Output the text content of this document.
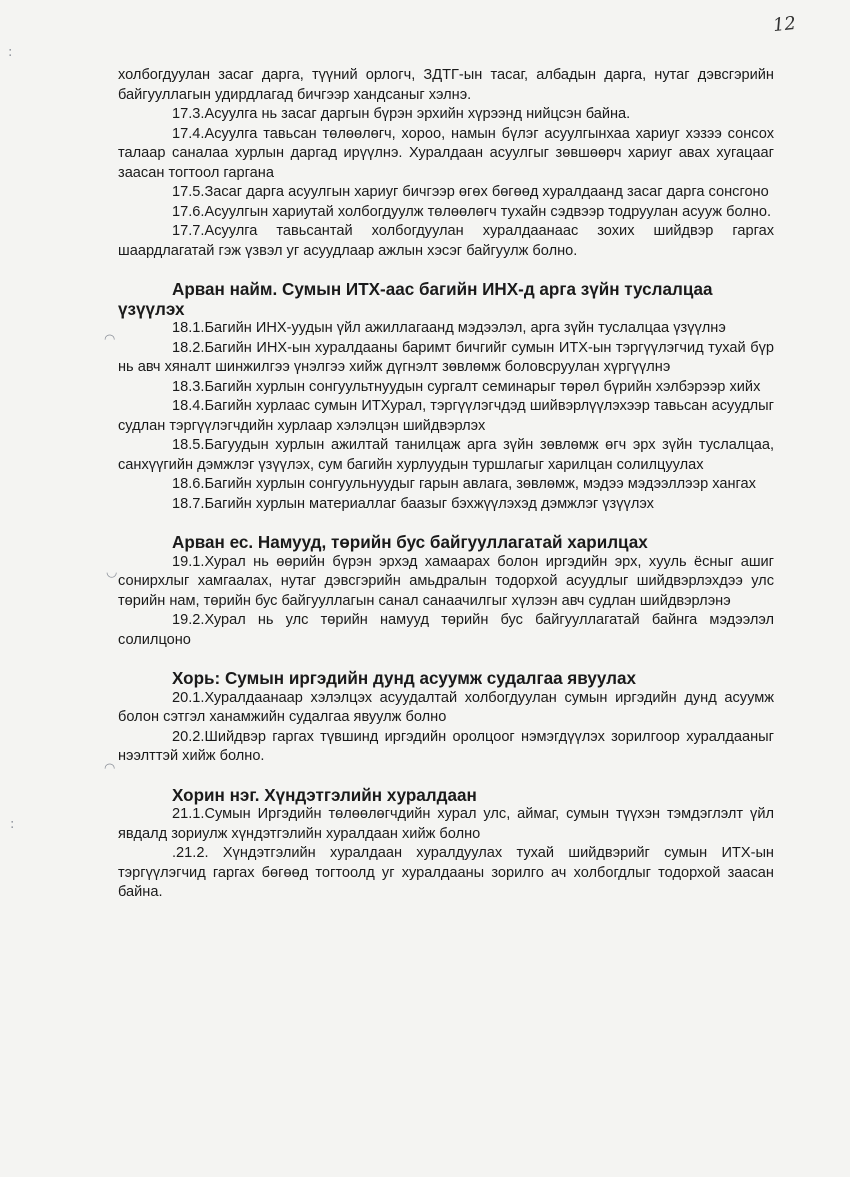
12

холбогдуулан засаг дарга, түүний орлогч, ЗДТГ-ын тасаг, албадын дарга, нутаг дэвсгэрийн байгууллагын удирдлагад бичгээр хандсаныг хэлнэ.

17.3.Асуулга нь засаг даргын бүрэн эрхийн хүрээнд нийцсэн байна.

17.4.Асуулга тавьсан төлөөлөгч, хороо, намын бүлэг асуулгынхаа хариуг хэзээ сонсох талаар саналаа хурлын даргад ирүүлнэ. Хуралдаан асуулгыг зөвшөөрч хариуг авах хугацааг заасан тогтоол гаргана

17.5.Засаг дарга асуулгын хариуг бичгээр өгөх бөгөөд хуралдаанд засаг дарга сонсгоно

17.6.Асуулгын хариутай холбогдуулж төлөөлөгч тухайн сэдвээр тодруулан асууж болно.

17.7.Асуулга тавьсантай холбогдуулан хуралдаанаас зохих шийдвэр гаргах шаардлагатай гэж үзвэл уг асуудлаар ажлын хэсэг байгуулж болно.

Арван найм. Сумын ИТХ-аас багийн ИНХ-д арга зүйн туслалцаа үзүүлэх

18.1.Багийн ИНХ-уудын үйл ажиллагаанд мэдээлэл, арга зүйн туслалцаа үзүүлнэ

18.2.Багийн ИНХ-ын хуралдааны баримт бичгийг сумын ИТХ-ын тэргүүлэгчид тухай бүр нь авч хяналт шинжилгээ үнэлгээ хийж дүгнэлт зөвлөмж боловсруулан хүргүүлнэ

18.3.Багийн хурлын сонгуультнуудын сургалт семинарыг төрөл бүрийн хэлбэрээр хийх

18.4.Багийн хурлаас сумын ИТХурал, тэргүүлэгчдэд шийвэрлүүлэхээр тавьсан асуудлыг судлан тэргүүлэгчдийн хурлаар хэлэлцэн шийдвэрлэх

18.5.Багуудын хурлын ажилтай танилцаж арга зүйн зөвлөмж өгч эрх зүйн туслалцаа, санхүүгийн дэмжлэг үзүүлэх, сум багийн хурлуудын туршлагыг харилцан солилцуулах

18.6.Багийн хурлын сонгуульнуудыг гарын авлага, зөвлөмж, мэдээ мэдээллээр хангах

18.7.Багийн хурлын материаллаг баазыг бэхжүүлэхэд дэмжлэг үзүүлэх

Арван ес. Намууд, төрийн бус байгууллагатай харилцах

19.1.Хурал нь өөрийн бүрэн эрхэд хамаарах болон иргэдийн эрх, хууль ёсныг ашиг сонирхлыг хамгаалах, нутаг дэвсгэрийн амьдралын тодорхой асуудлыг шийдвэрлэхдээ улс төрийн нам, төрийн бус байгууллагын санал санаачилгыг хүлээн авч судлан шийдвэрлэнэ

19.2.Хурал нь улс төрийн намууд төрийн бус байгууллагатай байнга мэдээлэл солилцоно

Хорь: Сумын иргэдийн дунд асуумж судалгаа явуулах

20.1.Хуралдаанаар хэлэлцэх асуудалтай холбогдуулан сумын иргэдийн дунд асуумж болон сэтгэл ханамжийн судалгаа явуулж болно

20.2.Шийдвэр гаргах түвшинд иргэдийн оролцоог нэмэгдүүлэх зорилгоор хуралдааныг нээлттэй хийж болно.

Хорин нэг. Хүндэтгэлийн хуралдаан

21.1.Сумын Иргэдийн төлөөлөгчдийн хурал улс, аймаг, сумын түүхэн тэмдэглэлт үйл явдалд зориулж хүндэтгэлийн хуралдаан хийж болно

.21.2. Хүндэтгэлийн хуралдаан хуралдуулах тухай шийдвэрийг сумын ИТХ-ын тэргүүлэгчид гаргах бөгөөд тогтоолд уг хуралдааны зорилго ач холбогдлыг тодорхой заасан байна.

:
◠
◡
◠
:
